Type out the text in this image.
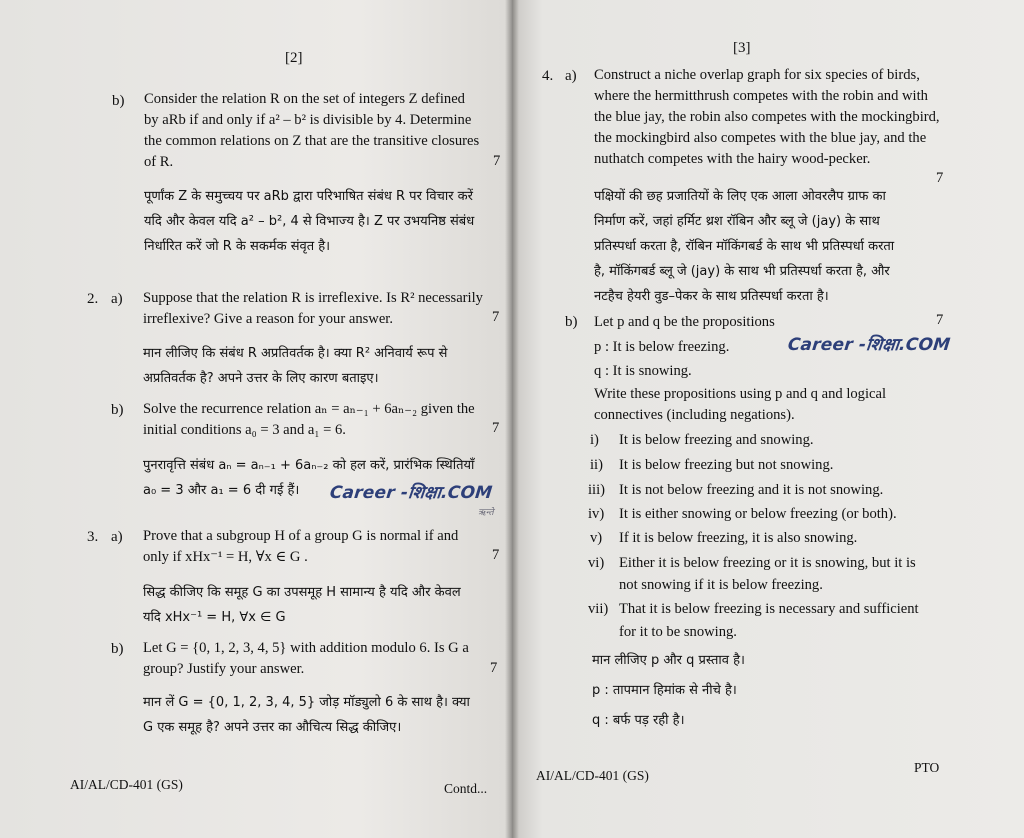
[2]
b) Consider the relation R on the set of integers Z defined

by aRb if and only if a² – b² is divisible by 4. Determine

the common relations on Z that are the transitive closures

of R.	7
पूर्णांक Z के समुच्चय पर aRb द्वारा परिभाषित संबंध R पर विचार करें
यदि और केवल यदि a² – b², 4 से विभाज्य है। Z पर उभयनिष्ठ संबंध
निर्धारित करें जो R के सकर्मक संवृत है।
2. a) Suppose that the relation R is irreflexive. Is R² necessarily

irreflexive? Give a reason for your answer.	7
मान लीजिए कि संबंध R अप्रतिवर्तक है। क्या R² अनिवार्य रूप से
अप्रतिवर्तक है? अपने उत्तर के लिए कारण बताइए।
b) Solve the recurrence relation aₙ = aₙ₋₁ + 6aₙ₋₂ given the

initial conditions a₀ = 3 and a₁ = 6.	7
पुनरावृत्ति संबंध aₙ = aₙ₋₁ + 6aₙ₋₂ को हल करें, प्रारंभिक स्थितियाँ
a₀ = 3 और a₁ = 6 दी गई हैं।	Career -शिक्षा.COM
ऋन्ते
3. a) Prove that a subgroup H of a group G is normal if and

only if xHx⁻¹ = H, ∀x ∈ G .	7
सिद्ध कीजिए कि समूह G का उपसमूह H सामान्य है यदि और केवल
यदि xHx⁻¹ = H, ∀x ∈ G
b) Let G = {0, 1, 2, 3, 4, 5} with addition modulo 6. Is G a

group? Justify your answer.	7
मान लें G = {0, 1, 2, 3, 4, 5} जोड़ मॉड्युलो 6 के साथ है। क्या
G एक समूह है? अपने उत्तर का औचित्य सिद्ध कीजिए।
AI/AL/CD-401 (GS)	Contd...
[3]
4. a) Construct a niche overlap graph for six species of birds,

where the hermitthrush competes with the robin and with

the blue jay, the robin also competes with the mockingbird,

the mockingbird also competes with the blue jay, and the

nuthatch competes with the hairy wood-pecker.

7
पक्षियों की छह प्रजातियों के लिए एक आला ओवरलैप ग्राफ का
निर्माण करें, जहां हर्मिट थ्रश रॉबिन और ब्लू जे (jay) के साथ
प्रतिस्पर्धा करता है, रॉबिन मॉकिंगबर्ड के साथ भी प्रतिस्पर्धा करता
है, मॉकिंगबर्ड ब्लू जे (jay) के साथ भी प्रतिस्पर्धा करता है, और
नटहैच हेयरी वुड–पेकर के साथ प्रतिस्पर्धा करता है।
b) Let p and q be the propositions	7
p : It is below freezing.
q : It is snowing.
Career -शिक्षा.COM

Write these propositions using p and q and logical

connectives (including negations).

i) It is below freezing and snowing.
ii) It is below freezing but not snowing.
iii) It is not below freezing and it is not snowing.
iv) It is either snowing or below freezing (or both).
v) If it is below freezing, it is also snowing.
vi) Either it is below freezing or it is snowing, but it is
not snowing if it is below freezing.
vii) That it is below freezing is necessary and sufficient
for it to be snowing.
मान लीजिए p और q प्रस्ताव है।
p : तापमान हिमांक से नीचे है।
q : बर्फ पड़ रही है।
AI/AL/CD-401 (GS)
PTO
